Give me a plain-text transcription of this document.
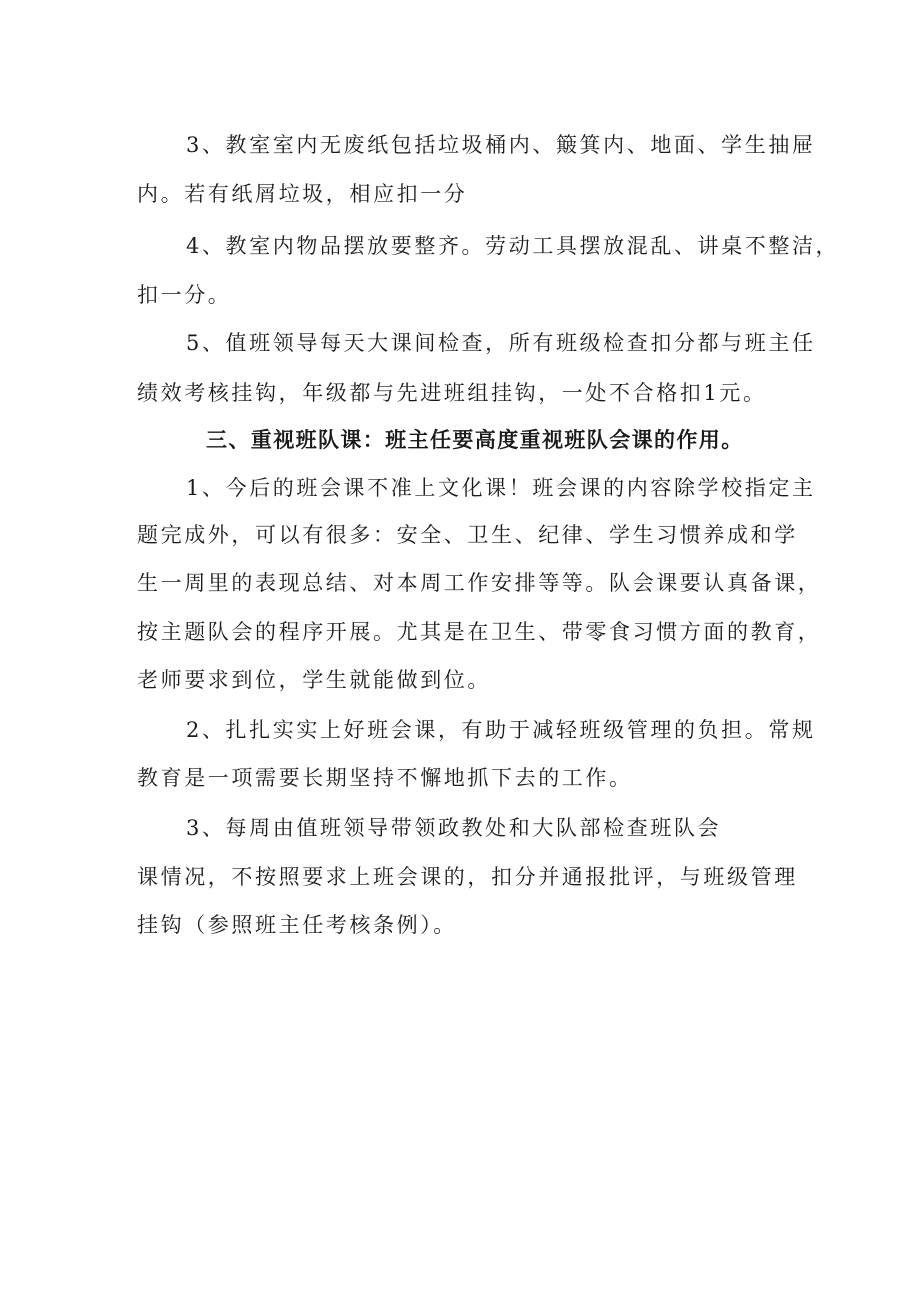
3、教室室内无废纸包括垃圾桶内、簸箕内、地面、学生抽屉
内。若有纸屑垃圾，相应扣一分
4、教室内物品摆放要整齐。劳动工具摆放混乱、讲桌不整洁，
扣一分。
5、值班领导每天大课间检查，所有班级检查扣分都与班主任
绩效考核挂钩，年级都与先进班组挂钩，一处不合格扣1元。
三、重视班队课：班主任要高度重视班队会课的作用。
1、今后的班会课不准上文化课！班会课的内容除学校指定主
题完成外，可以有很多：安全、卫生、纪律、学生习惯养成和学
生一周里的表现总结、对本周工作安排等等。队会课要认真备课，
按主题队会的程序开展。尤其是在卫生、带零食习惯方面的教育，
老师要求到位，学生就能做到位。
2、扎扎实实上好班会课，有助于减轻班级管理的负担。常规
教育是一项需要长期坚持不懈地抓下去的工作。
3、每周由值班领导带领政教处和大队部检查班队会
课情况，不按照要求上班会课的，扣分并通报批评，与班级管理
挂钩（参照班主任考核条例）。
